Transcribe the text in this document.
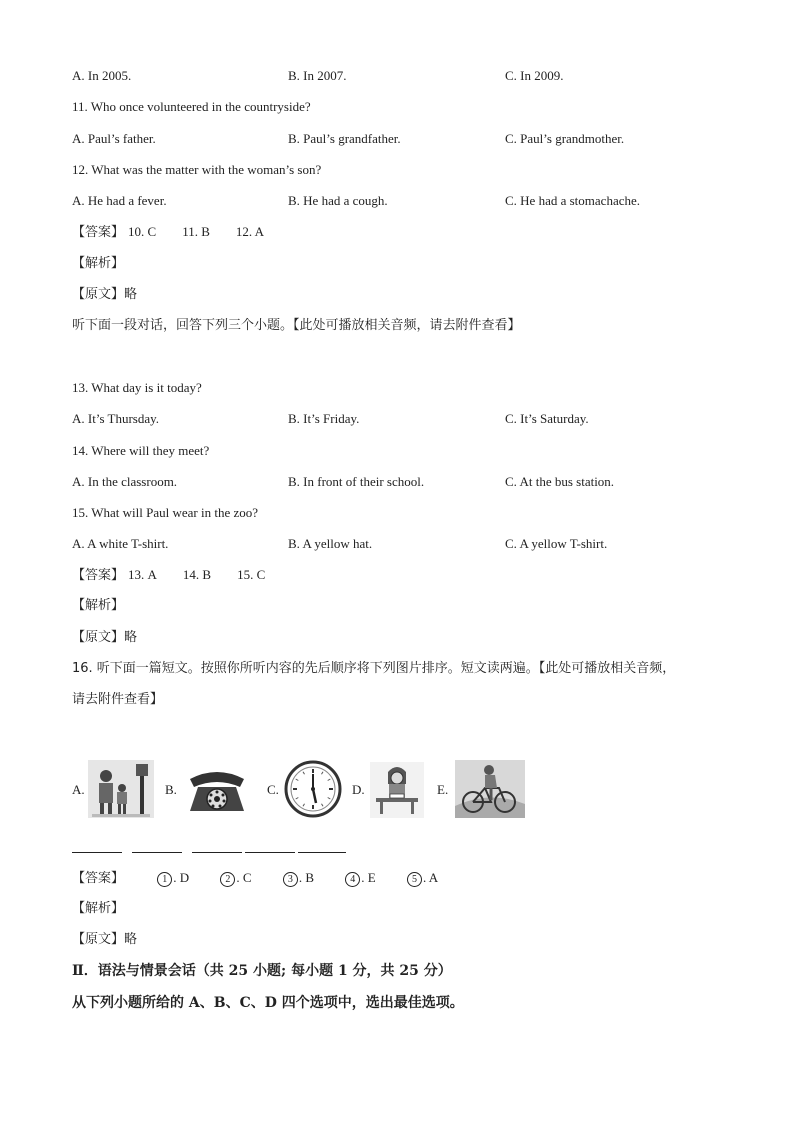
A. In 2005.	B. In 2007.	C. In 2009.
11. Who once volunteered in the countryside?
A. Paul’s father.	B. Paul’s grandfather.	C. Paul’s grandmother.
12. What was the matter with the woman’s son?
A. He had a fever.	B. He had a cough.	C. He had a stomachache.
【答案】 10. C 11. B 12. A
【解析】
【原文】略
听下面一段对话，回答下列三个小题。【此处可播放相关音频，请去附件查看】
13. What day is it today?
A. It’s Thursday.	B. It’s Friday.	C. It’s Saturday.
14. Where will they meet?
A. In the classroom.	B. In front of their school.	C. At the bus station.
15. What will Paul wear in the zoo?
A. A white T-shirt.	B. A yellow hat.	C. A yellow T-shirt.
【答案】 13. A 14. B 15. C
【解析】
【原文】略
16. 听下面一篇短文。按照你所听内容的先后顺序将下列图片排序。短文读两遍。【此处可播放相关音频，
请去附件查看】
A.	B.	C.	D.	E.
【答案】	1 . D	2 . C	3 . B	4 . E	5 . A
【解析】
【原文】略
Ⅱ．语法与情景会话（共 25 小题; 每小题 1 分，共 25 分）
从下列小题所给的 A、B、C、D 四个选项中，选出最佳选项。
